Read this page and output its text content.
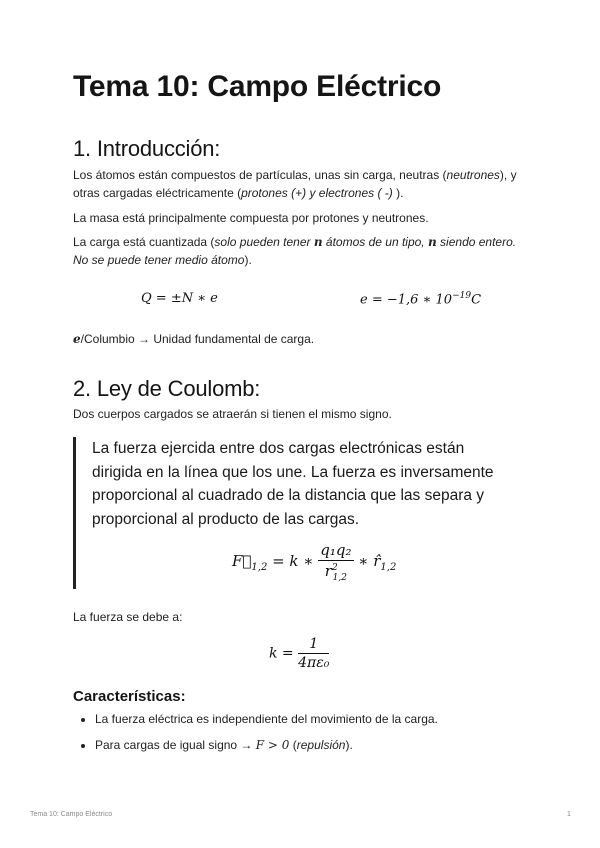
Tema 10: Campo Eléctrico
1. Introducción:

Los átomos están compuestos de partículas, unas sin carga, neutras (neutrones), y otras cargadas eléctricamente (protones (+) y electrones ( -) ).

La masa está principalmente compuesta por protones y neutrones.

La carga está cuantizada (solo pueden tener n átomos de un tipo, n siendo entero. No se puede tener medio átomo).

Q = ±N ∗ e	e = −1,6 ∗ $10^{-19}C$

e/Columbio → Unidad fundamental de carga.

2. Ley de Coulomb:

Dos cuerpos cargados se atraerán si tienen el mismo signo.

La fuerza ejercida entre dos cargas electrónicas están dirigida en la línea que los une. La fuerza es inversamente proporcional al cuadrado de la distancia que las separa y proporcional al producto de las cargas.

$F⃗_{1,2} = k$ ∗ $\frac{\text{q₁q₂}}{r^2_{1,2}}$ ∗ $r̂_{1,2}$

La fuerza se debe a:

$k = \frac{1}{\text{4πε₀}}$
Características:
• La fuerza eléctrica es independiente del movimiento de la carga.
• Para cargas de igual signo → F > 0 (repulsión).
Tema 10: Campo Eléctrico	1
